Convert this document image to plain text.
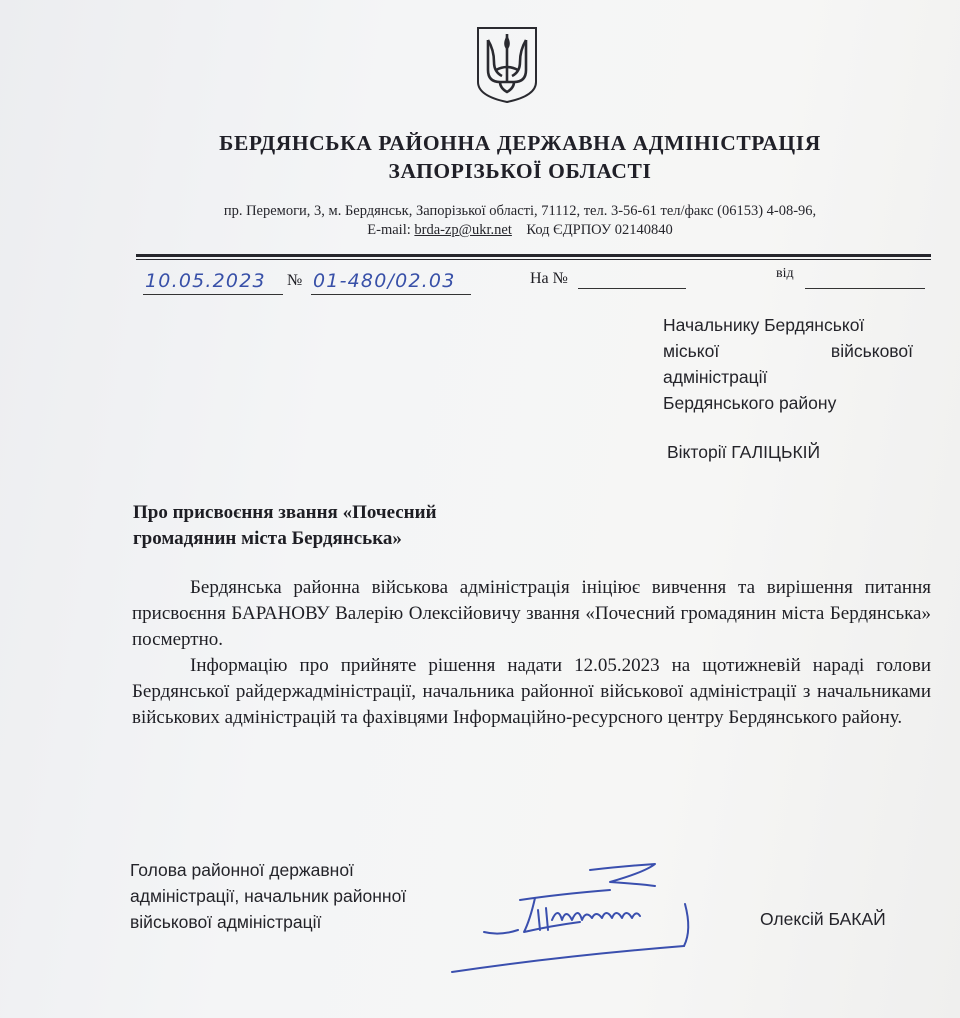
БЕРДЯНСЬКА РАЙОННА ДЕРЖАВНА АДМІНІСТРАЦІЯ
ЗАПОРІЗЬКОЇ ОБЛАСТІ
пр. Перемоги, 3, м. Бердянськ, Запорізької області, 71112, тел. 3-56-61 тел/факс (06153) 4-08-96,
E-mail: brda-zp@ukr.net Код ЄДРПОУ 02140840
10.05.2023 № 01-480/02.03	На №	від
Начальнику Бердянської
міської	військової
адміністрації
Бердянського району
Вікторії ГАЛІЦЬКІЙ
Про присвоєння звання «Почесний
громадянин міста Бердянська»

Бердянська районна військова адміністрація ініціює вивчення та вирішення питання присвоєння БАРАНОВУ Валерію Олексійовичу звання «Почесний громадянин міста Бердянська» посмертно.

Інформацію про прийняте рішення надати 12.05.2023 на щотижневій нараді голови Бердянської райдержадміністрації, начальника районної військової адміністрації з начальниками військових адміністрацій та фахівцями Інформаційно-ресурсного центру Бердянського району.

Голова районної державної
адміністрації, начальник районної
військової адміністрації	Олексій БАКАЙ
